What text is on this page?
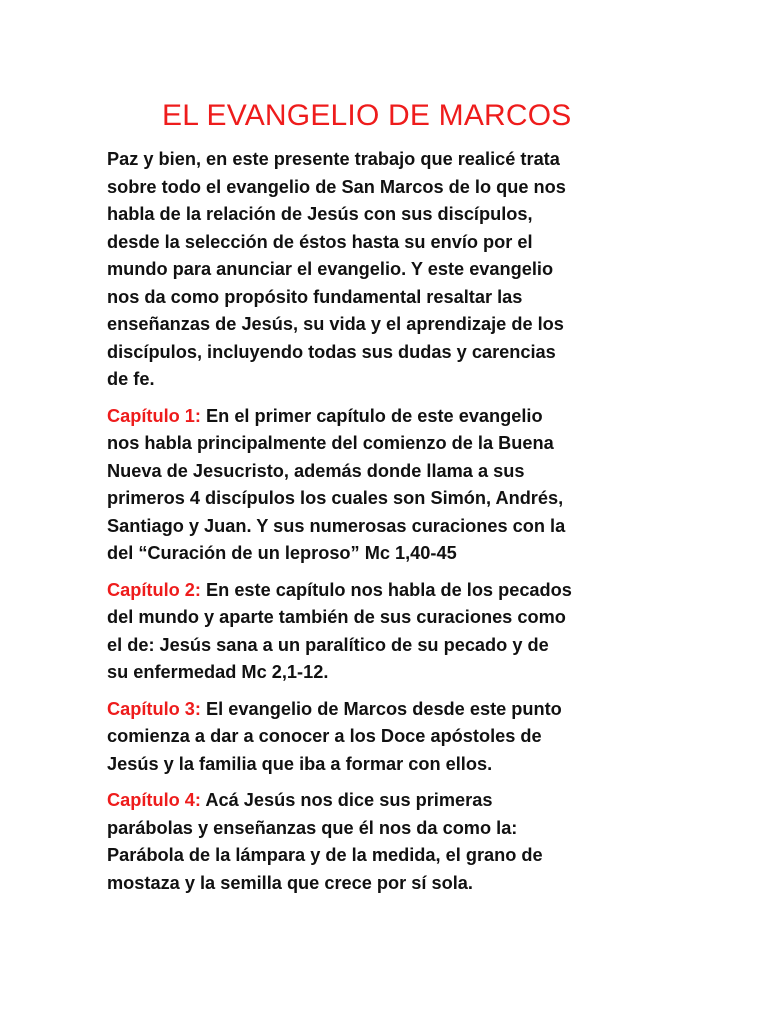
EL EVANGELIO DE MARCOS

Paz y bien, en este presente trabajo que realicé trata
sobre todo el evangelio de San Marcos de lo que nos
habla de la relación de Jesús con sus discípulos,
desde la selección de éstos hasta su envío por el
mundo para anunciar el evangelio. Y este evangelio
nos da como propósito fundamental resaltar las
enseñanzas de Jesús, su vida y el aprendizaje de los
discípulos, incluyendo todas sus dudas y carencias
de fe.

Capítulo 1: En el primer capítulo de este evangelio
nos habla principalmente del comienzo de la Buena
Nueva de Jesucristo, además donde llama a sus
primeros 4 discípulos los cuales son Simón, Andrés,
Santiago y Juan. Y sus numerosas curaciones con la
del “Curación de un leproso” Mc 1,40-45

Capítulo 2: En este capítulo nos habla de los pecados
del mundo y aparte también de sus curaciones como
el de: Jesús sana a un paralítico de su pecado y de
su enfermedad Mc 2,1-12.

Capítulo 3: El evangelio de Marcos desde este punto
comienza a dar a conocer a los Doce apóstoles de
Jesús y la familia que iba a formar con ellos.

Capítulo 4: Acá Jesús nos dice sus primeras
parábolas y enseñanzas que él nos da como la:
Parábola de la lámpara y de la medida, el grano de
mostaza y la semilla que crece por sí sola.
